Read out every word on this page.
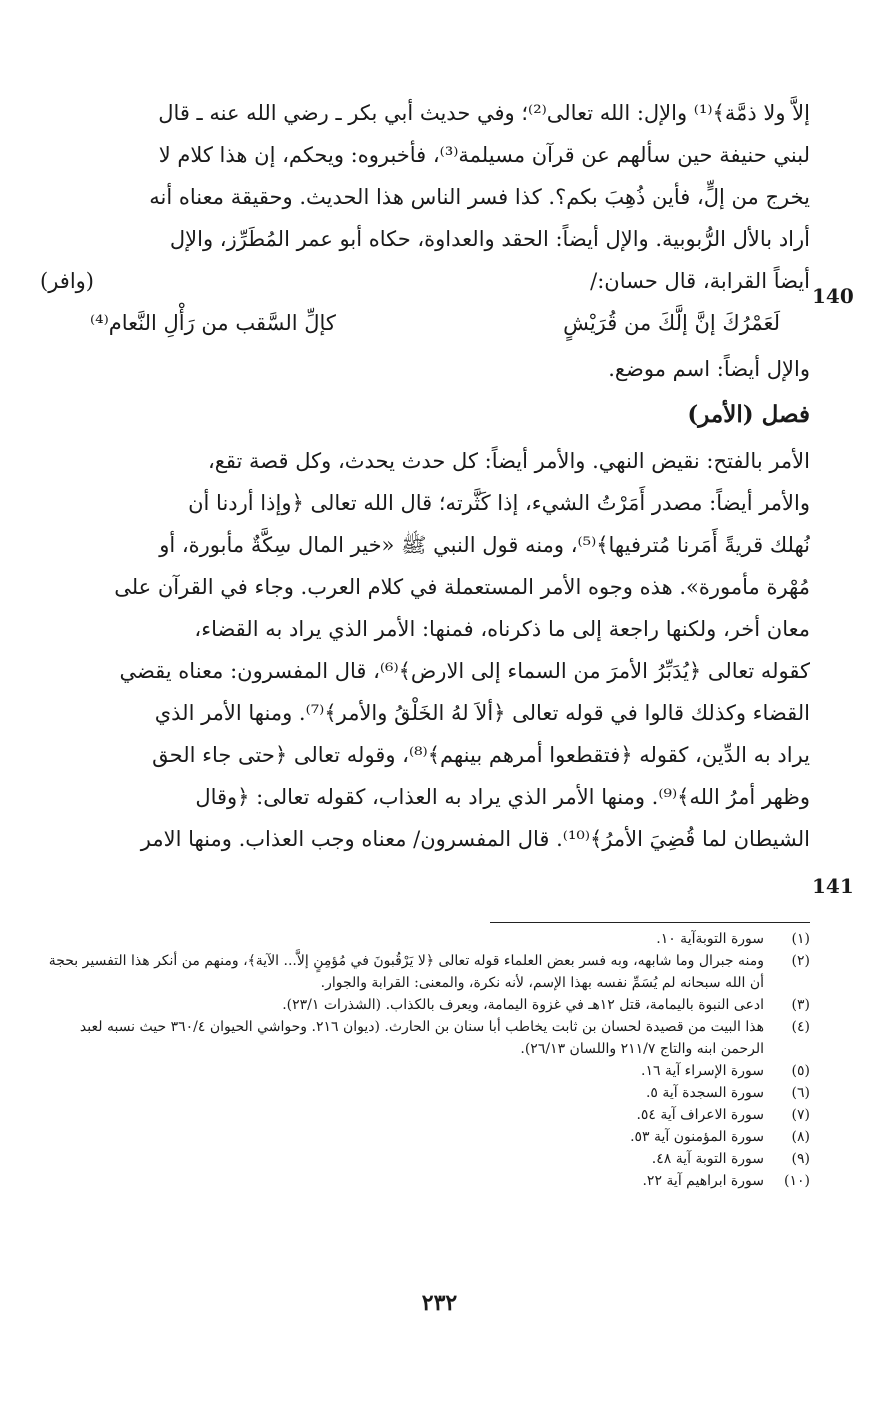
إلاَّ ولا ذمَّة﴾⁽¹⁾ والإل: الله تعالى⁽²⁾؛ وفي حديث أبي بكر ـ رضي الله عنه ـ قال
لبني حنيفة حين سألهم عن قرآن مسيلمة⁽³⁾، فأخبروه: ويحكم، إن هذا كلام لا
يخرج من إلٍّ، فأين ذُهِبَ بكم؟. كذا فسر الناس هذا الحديث. وحقيقة معناه أنه
أراد بالأل الرُّبوبية. والإل أيضاً: الحقد والعداوة، حكاه أبو عمر المُطَرِّز، والإل
أيضاً القرابة، قال حسان:/
(وافر)
لَعَمْرُكَ إنَّ إلَّكَ من قُرَيْشٍ
كإلِّ السَّقب من رَأْلِ النَّعام⁽⁴⁾
والإل أيضاً: اسم موضع.
فصل (الأمر)
الأمر بالفتح: نقيض النهي. والأمر أيضاً: كل حدث يحدث، وكل قصة تقع،
والأمر أيضاً: مصدر أَمَرْتُ الشيء، إذا كَثَّرته؛ قال الله تعالى ﴿وإذا أردنا أن
نُهلك قريةً أَمَرنا مُترفيها﴾⁽⁵⁾، ومنه قول النبي ﷺ «خير المال سِكَّةٌ مأبورة، أو
مُهْرة مأمورة». هذه وجوه الأمر المستعملة في كلام العرب. وجاء في القرآن على
معان أخر، ولكنها راجعة إلى ما ذكرناه، فمنها: الأمر الذي يراد به القضاء،
كقوله تعالى ﴿يُدَبِّرُ الأمرَ من السماء إلى الارض﴾⁽⁶⁾، قال المفسرون: معناه يقضي
القضاء وكذلك قالوا في قوله تعالى ﴿ألاَ لهُ الخَلْقُ والأمر﴾⁽⁷⁾. ومنها الأمر الذي
يراد به الدِّين، كقوله ﴿فتقطعوا أمرهم بينهم﴾⁽⁸⁾، وقوله تعالى ﴿حتى جاء الحق
وظهر أمرُ الله﴾⁽⁹⁾. ومنها الأمر الذي يراد به العذاب، كقوله تعالى: ﴿وقال
الشيطان لما قُضِيَ الأمرُ﴾⁽¹⁰⁾. قال المفسرون/ معناه وجب العذاب. ومنها الامر
140
141
(١)
سورة التوبةآية ١٠.
(٢)
ومنه جبرال وما شابهه، وبه فسر بعض العلماء قوله تعالى ﴿لا يَرْقُبونَ في مُؤمِنٍ إلاَّ... الآية﴾، ومنهم من أنكر هذا التفسير بحجة أن الله سبحانه لم يُسَمِّ نفسه بهذا الإسم، لأنه نكرة، والمعنى: القرابة والجوار.
(٣)
ادعى النبوة باليمامة، قتل ١٢هـ في غزوة اليمامة، ويعرف بالكذاب. (الشذرات ٢٣/١).
(٤)
هذا البيت من قصيدة لحسان بن ثابت يخاطب أبا سنان بن الحارث. (ديوان ٢١٦. وحواشي الحيوان ٣٦٠/٤ حيث نسبه لعبد الرحمن ابنه والتاج ٢١١/٧ واللسان ٢٦/١٣).
(٥)
سورة الإسراء آية ١٦.
(٦)
سورة السجدة آية ٥.
(٧)
سورة الاعراف آية ٥٤.
(٨)
سورة المؤمنون آية ٥٣.
(٩)
سورة التوبة آية ٤٨.
(١٠)
سورة ابراهيم آية ٢٢.
٢٣٢
